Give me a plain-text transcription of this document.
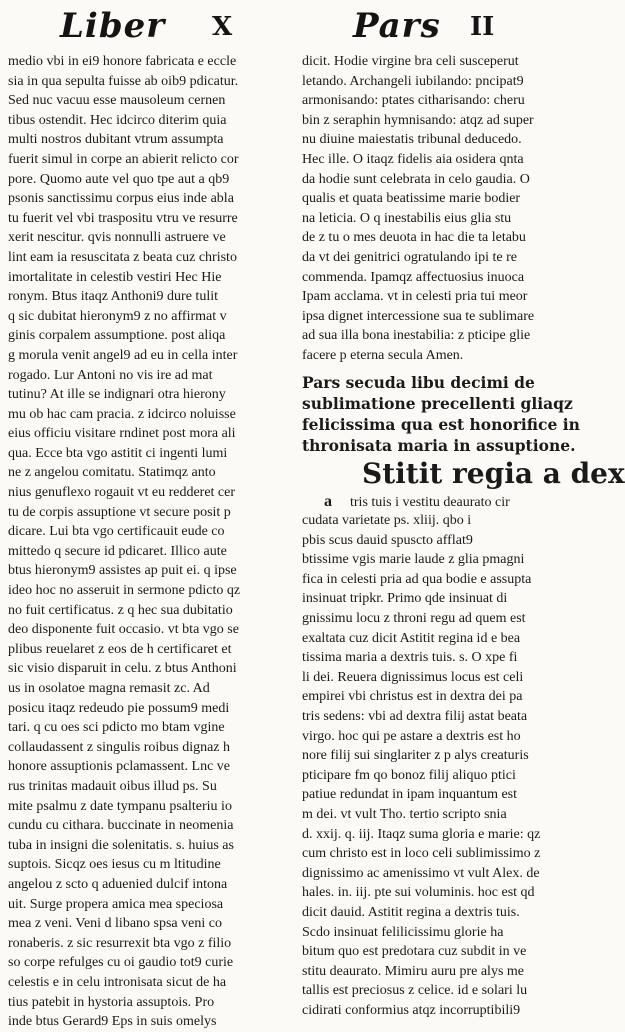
Liber X	Pars II
medio vbi in ei9 honore fabricata e eccle
sia in qua sepulta fuisse ab oib9 pdicatur.
Sed nuc vacuu esse mausoleum cernen
tibus ostendit. Hec idcirco diterim quia
multi nostros dubitant vtrum assumpta
fuerit simul in corpe an abierit relicto cor
pore. Quomo aute vel quo tpe aut a qb9
psonis sanctissimu corpus eius inde abla
tu fuerit vel vbi traspositu vtru ve resurre
xerit nescitur. qvis nonnulli astruere ve
lint eam ia resuscitata z beata cuz christo
imortalitate in celestib vestiri Hec Hie
ronym. Btus itaqz Anthoni9 dure tulit
q sic dubitat hieronym9 z no affirmat v
ginis corpalem assumptione. post aliqa
g morula venit angel9 ad eu in cella inter
rogado. Lur Antoni no vis ire ad mat
tutinu? At ille se indignari otra hierony
mu ob hac cam pracia. z idcirco noluisse
eius officiu visitare rndinet post mora ali
qua. Ecce bta vgo astitit ci ingenti lumi
ne z angelou comitatu. Statimqz anto
nius genuflexo rogauit vt eu redderet cer
tu de corpis assuptione vt secure posit p
dicare. Lui bta vgo certificauit eude co
mittedo q secure id pdicaret. Illico aute
btus hieronym9 assistes ap puit ei. q ipse
ideo hoc no asseruit in sermone pdicto qz
no fuit certificatus. z q hec sua dubitatio
deo disponente fuit occasio. vt bta vgo se
plibus reuelaret z eos de h certificaret et
sic visio disparuit in celu. z btus Anthoni
us in osolatoe magna remasit zc. Ad
posicu itaqz redeudo pie possum9 medi
tari. q cu oes sci pdicto mo btam vgine
collaudassent z singulis roibus dignaz h
honore assuptionis pclamassent. Lnc ve
rus trinitas madauit oibus illud ps. Su
mite psalmu z date tympanu psalteriu io
cundu cu cithara. buccinate in neomenia
tuba in insigni die solenitatis. s. huius as
suptois. Sicqz oes iesus cu m ltitudine
angelou z scto q aduenied dulcif intona
uit. Surge propera amica mea speciosa
mea z veni. Veni d libano spsa veni co
ronaberis. z sic resurrexit bta vgo z filio
so corpe refulges cu oi gaudio tot9 curie
celestis e in celu intronisata sicut de ha
tius patebit in hystoria assuptois. Pro
inde btus Gerard9 Eps in suis omelys
dicit. Hodie virgine bra celi susceperut
letando. Archangeli iubilando: pncipat9
armonisando: ptates citharisando: cheru
bin z seraphin hymnisando: atqz ad super
nu diuine maiestatis tribunal deducedo.
Hec ille. O itaqz fidelis aia osidera qnta
da hodie sunt celebrata in celo gaudia. O
qualis et quata beatissime marie bodier
na leticia. O q inestabilis eius glia stu
de z tu o mes deuota in hac die ta letabu
da vt dei genitrici ogratulando ipi te re
commenda. Ipamqz affectuosius inuoca
Ipam acclama. vt in celesti pria tui meor
ipsa dignet intercessione sua te sublimare
ad sua illa bona inestabilia: z pticipe glie
facere p eterna secula Amen.
Pars secuda libu decimi de
sublimatione precellenti gliaqz
felicissima qua est honorifice in
thronisata maria in assuptione.
Stitit regia a dex
a tris tuis i vestitu deaurato cir
cudata varietate ps. xliij. qbo i
pbis scus dauid spuscto afflat9
btissime vgis marie laude z glia pmagni
fica in celesti pria ad qua bodie e assupta
insinuat tripkr. Primo qde insinuat di
gnissimu locu z throni regu ad quem est
exaltata cuz dicit Astitit regina id e bea
tissima maria a dextris tuis. s. O xpe fi
li dei. Reuera dignissimus locus est celi
empirei vbi christus est in dextra dei pa
tris sedens: vbi ad dextra filij astat beata
virgo. hoc qui pe astare a dextris est ho
nore filij sui singlariter z p alys creaturis
pticipare fm qo bonoz filij aliquo ptici
patiue redundat in ipam inquantum est
m dei. vt vult Tho. tertio scripto snia
d. xxij. q. iij. Itaqz suma gloria e marie: qz
cum christo est in loco celi sublimissimo z
dignissimo ac amenissimo vt vult Alex. de
hales. in. iij. pte sui voluminis. hoc est qd
dicit dauid. Astitit regina a dextris tuis.
Scdo insinuat felilicissimu glorie ha
bitum quo est predotara cuz subdit in ve
stitu deaurato. Mimiru auru pre alys me
tallis est preciosus z celice. id e solari lu
cidirati conformius atqz incorruptibili9
